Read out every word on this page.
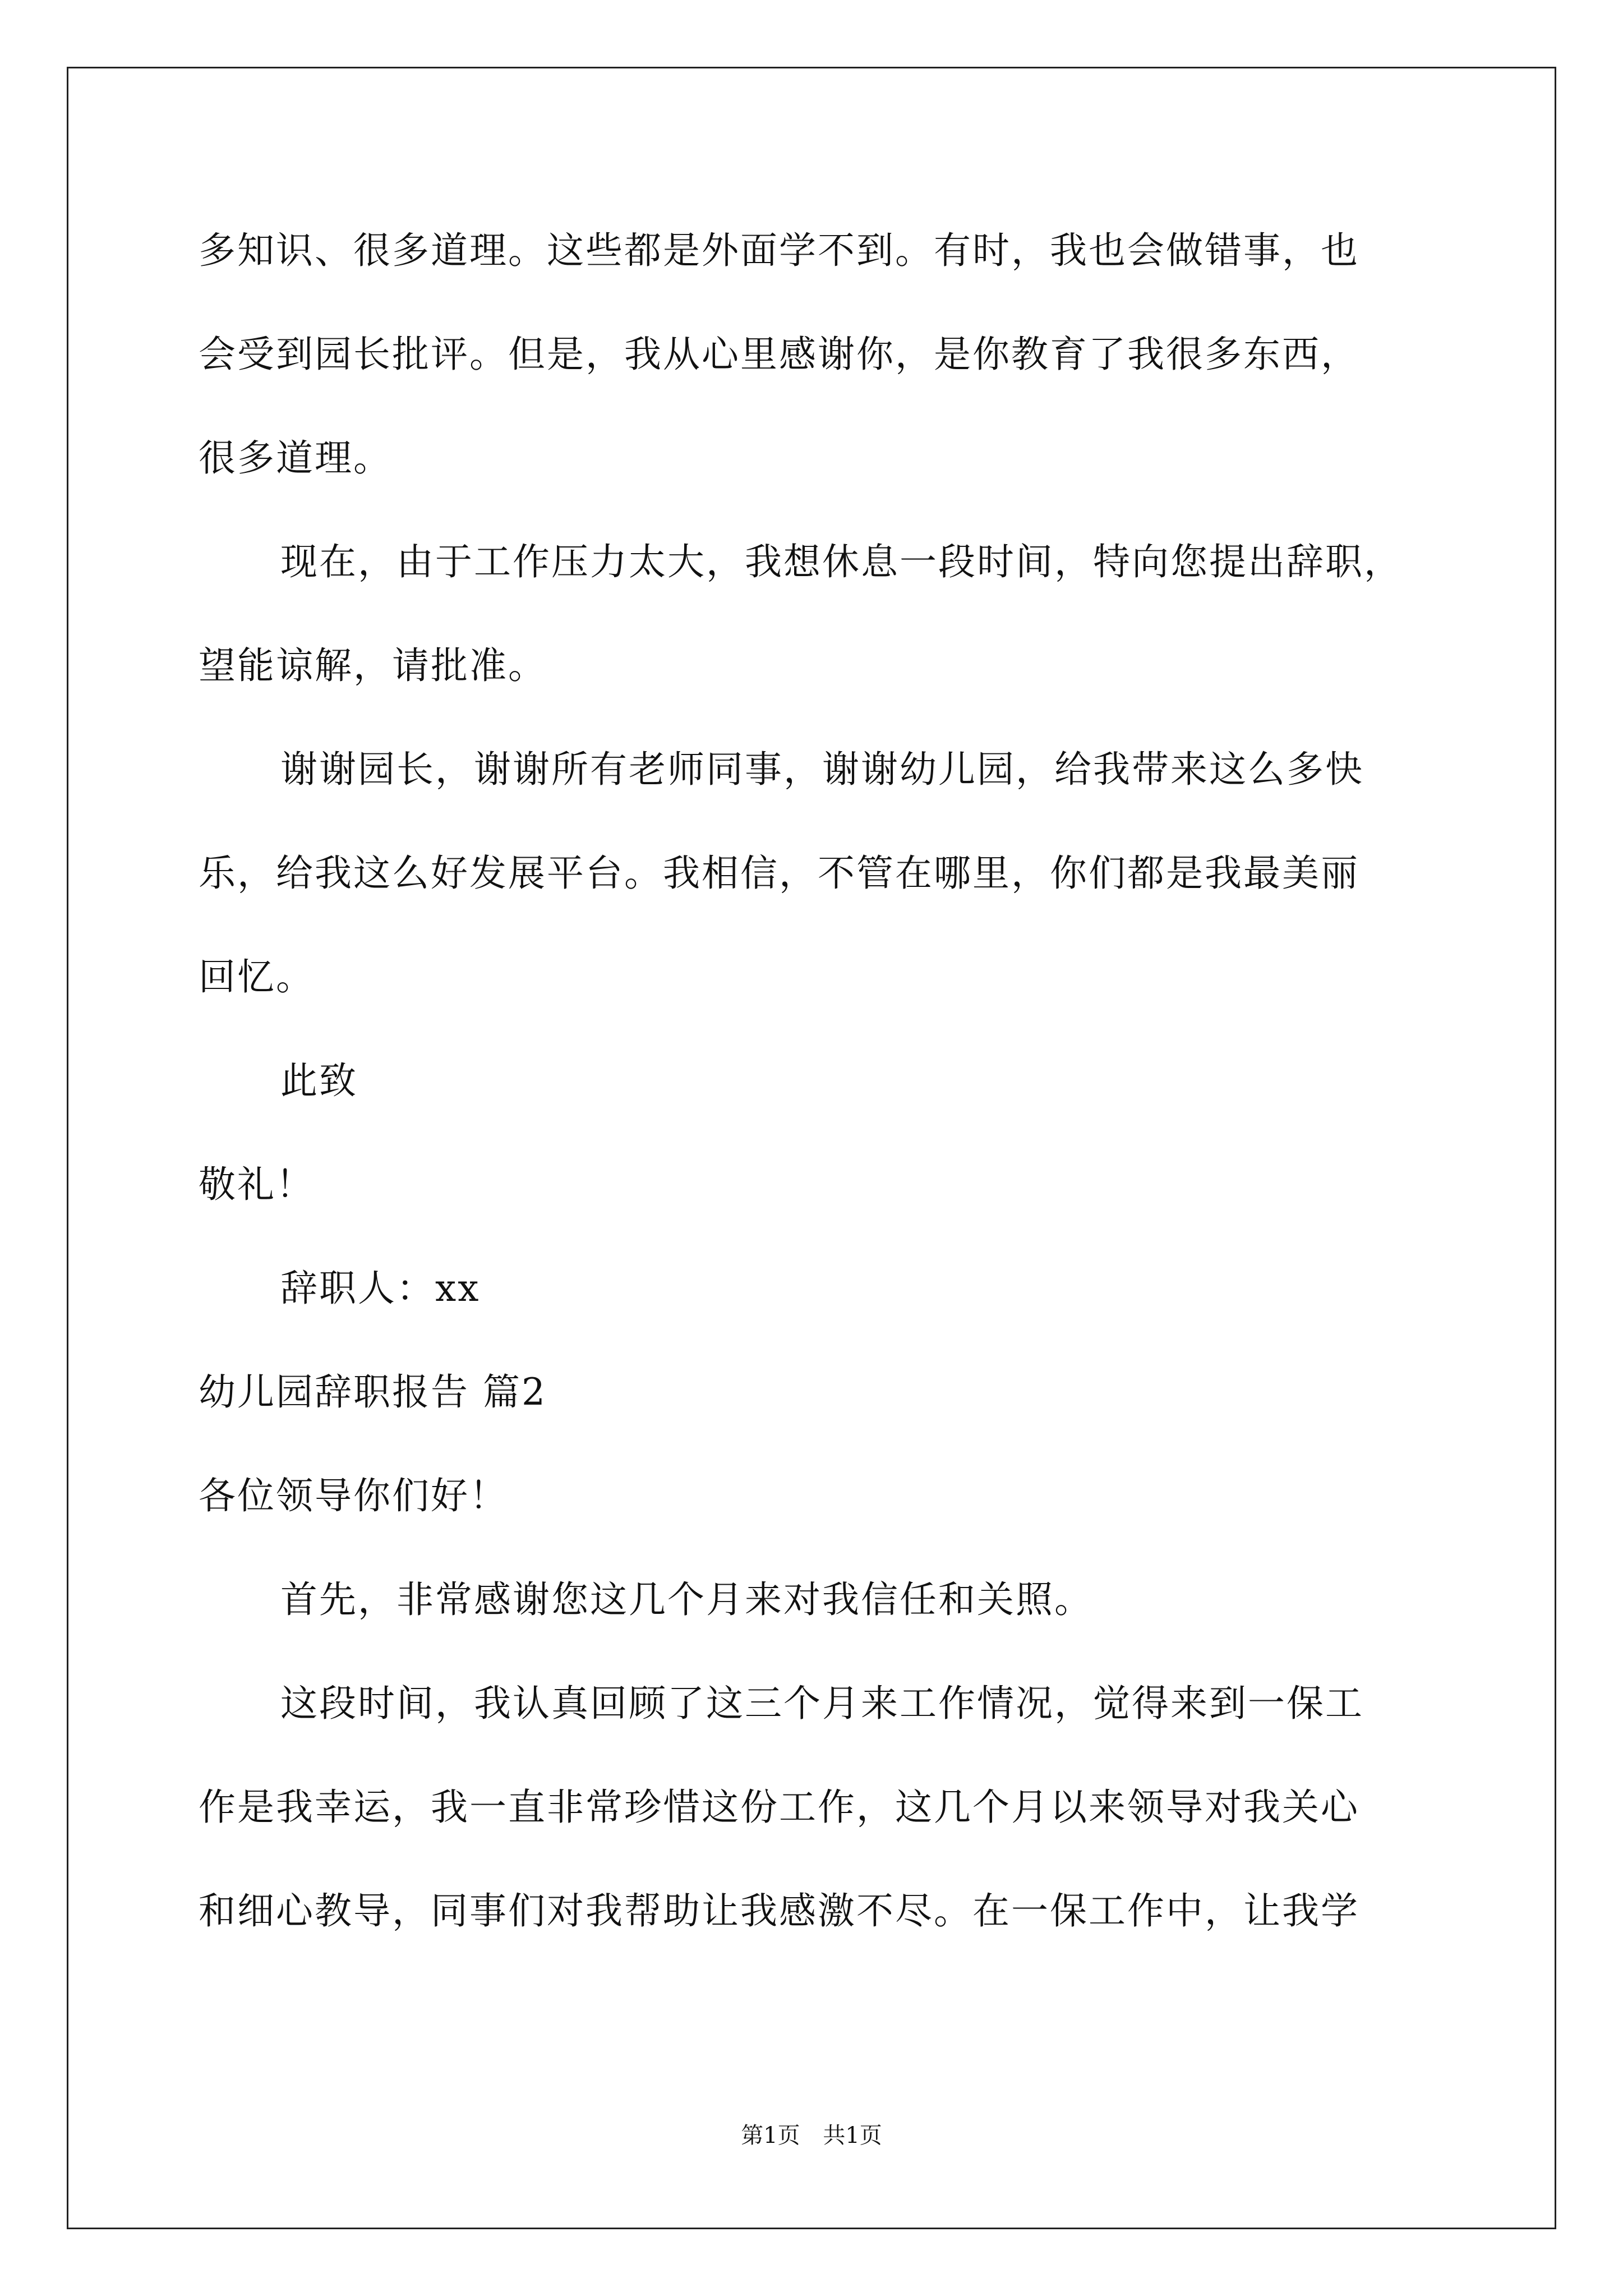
多知识、很多道理。这些都是外面学不到。有时，我也会做错事，也
会受到园长批评。但是，我从心里感谢你，是你教育了我很多东西，
很多道理。
现在，由于工作压力太大，我想休息一段时间，特向您提出辞职，
望能谅解，请批准。
谢谢园长，谢谢所有老师同事，谢谢幼儿园，给我带来这么多快
乐，给我这么好发展平台。我相信，不管在哪里，你们都是我最美丽
回忆。
此致
敬礼！
辞职人：xx
幼儿园辞职报告 篇2
各位领导你们好！
首先，非常感谢您这几个月来对我信任和关照。
这段时间，我认真回顾了这三个月来工作情况，觉得来到一保工
作是我幸运，我一直非常珍惜这份工作，这几个月以来领导对我关心
和细心教导，同事们对我帮助让我感激不尽。在一保工作中，让我学
第1页 共1页
